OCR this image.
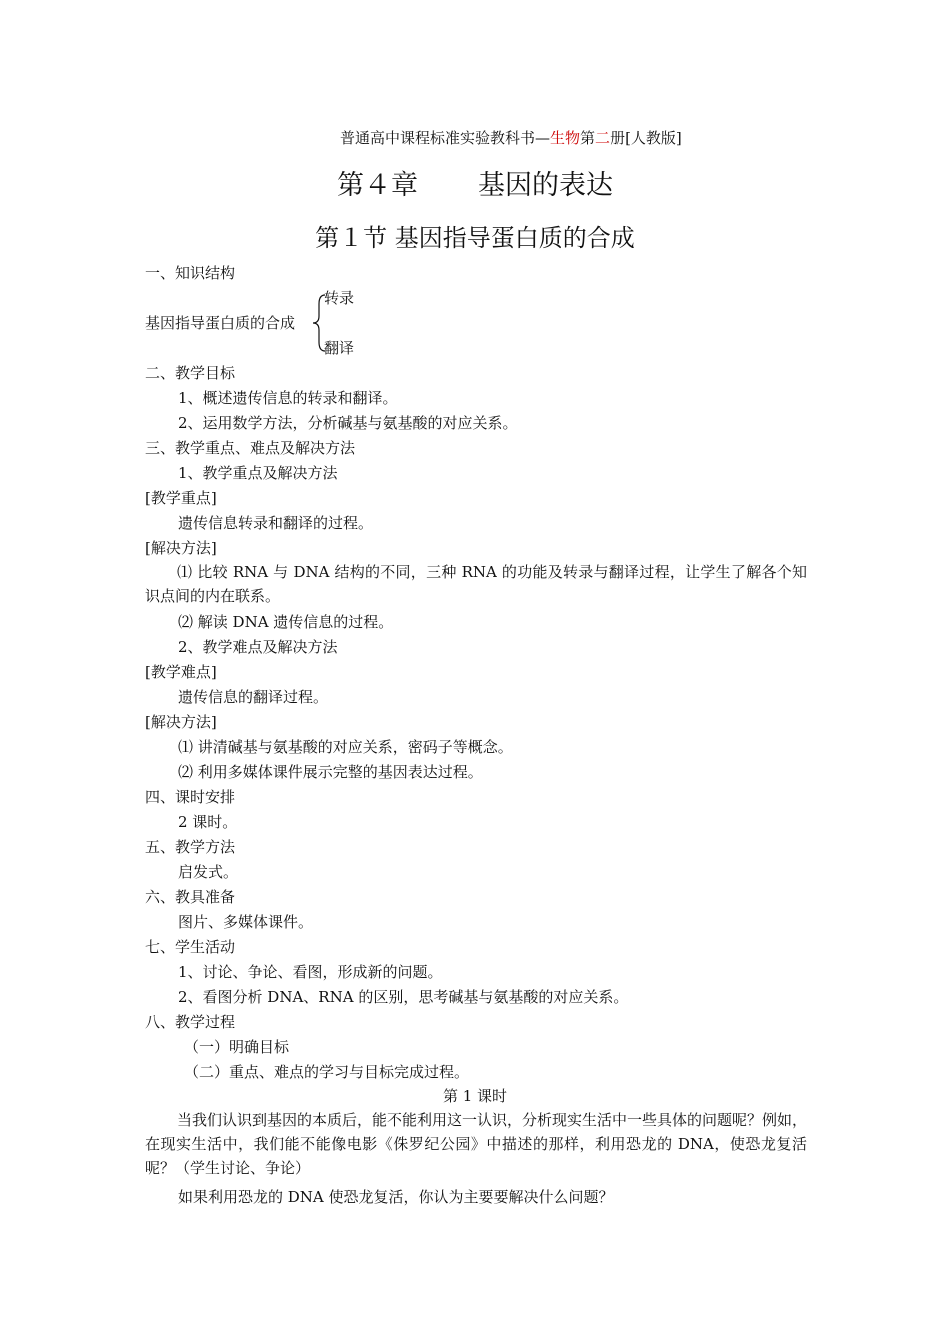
普通高中课程标准实验教科书—生物第二册[人教版]
第４章 基因的表达
第１节 基因指导蛋白质的合成
一、知识结构
基因指导蛋白质的合成
转录
翻译
二、教学目标
1、概述遗传信息的转录和翻译。
2、运用数学方法，分析碱基与氨基酸的对应关系。
三、教学重点、难点及解决方法
1、教学重点及解决方法
[教学重点]
遗传信息转录和翻译的过程。
[解决方法]
⑴ 比较 RNA 与 DNA 结构的不同，三种 RNA 的功能及转录与翻译过程，让学生了解各个知识点间的内在联系。
⑵ 解读 DNA 遗传信息的过程。
2、教学难点及解决方法
[教学难点]
遗传信息的翻译过程。
[解决方法]
⑴ 讲清碱基与氨基酸的对应关系，密码子等概念。
⑵ 利用多媒体课件展示完整的基因表达过程。
四、课时安排
2 课时。
五、教学方法
启发式。
六、教具准备
图片、多媒体课件。
七、学生活动
1、讨论、争论、看图，形成新的问题。
2、看图分析 DNA、RNA 的区别，思考碱基与氨基酸的对应关系。
八、教学过程
（一）明确目标
（二）重点、难点的学习与目标完成过程。
第 1 课时
当我们认识到基因的本质后，能不能利用这一认识，分析现实生活中一些具体的问题呢？例如，在现实生活中，我们能不能像电影《侏罗纪公园》中描述的那样，利用恐龙的 DNA，使恐龙复活呢？（学生讨论、争论）
如果利用恐龙的 DNA 使恐龙复活，你认为主要要解决什么问题？
